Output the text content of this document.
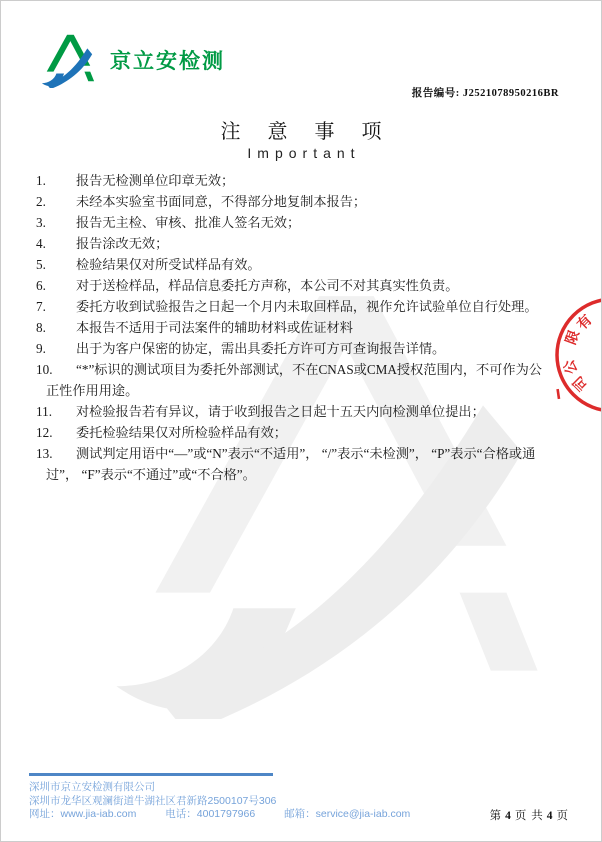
京立安检测
报告编号: J2521078950216BR
注 意 事 项
Important
1. 报告无检测单位印章无效；
2. 未经本实验室书面同意，不得部分地复制本报告；
3. 报告无主检、审核、批准人签名无效；
4. 报告涂改无效；
5. 检验结果仅对所受试样品有效。
6. 对于送检样品，样品信息委托方声称，本公司不对其真实性负责。
7. 委托方收到试验报告之日起一个月内未取回样品，视作允许试验单位自行处理。
8. 本报告不适用于司法案件的辅助材料或佐证材料
9. 出于为客户保密的协定，需出具委托方许可方可查询报告详情。
10. “*”标识的测试项目为委托外部测试，不在CNAS或CMA授权范围内，不可作为公正性作用用途。
11. 对检验报告若有异议，请于收到报告之日起十五天内向检测单位提出；
12. 委托检验结果仅对所检验样品有效；
13. 测试判定用语中“—”或“N”表示“不适用”， “/”表示“未检测”， “P”表示“合格或通过”， “F”表示“不通过”或“不合格”。
有
限
公
司
深圳市京立安检测有限公司
深圳市龙华区观澜街道牛湖社区君新路2500107号306
网址：www.jia-iab.com	电话：4001797966	邮箱：service@jia-iab.com	第 4 页 共 4 页
